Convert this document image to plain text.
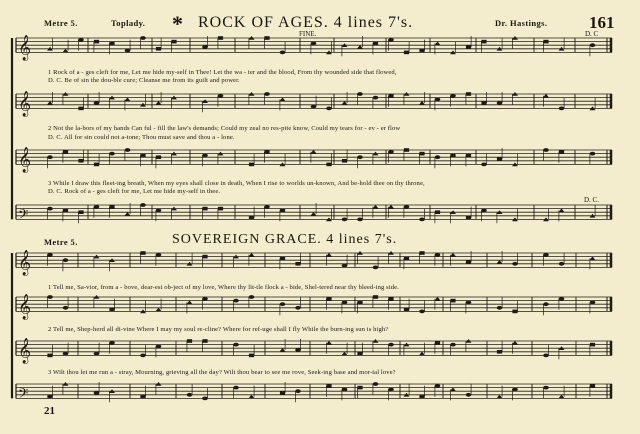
Metre 5.	Toplady. * ROCK OF AGES. 4 lines 7's.	Dr. Hastings. 161
FINE.	D. C
1 Rock of a - ges cleft for me, Let me hide my-self in Thee! Let the wa - ter and the blood, From thy wounded side that flowed,
D. C. Be of sin the dou-ble cure; Cleanse me from its guilt and power.
2 Not the la-bors of my hands Can ful - fill the law's demands; Could my zeal no res-pite know, Could my tears for - ev - er flow
D. C. All for sin could not a-tone; Thou must save and thou a - lone.
3 While I draw this fleet-ing breath, When my eyes shall close in death, When I rise to worlds un-known, And be-hold thee on thy throne,
D. C. Rock of a - ges cleft for me, Let me hide my-self in thee.
D. C.
Metre 5.	SOVEREIGN GRACE. 4 lines 7's.
1 Tell me, Sa-vior, from a - bove, dear-est ob-ject of my love, Where thy lit-tle flock a - bide, Shel-tered near thy bleed-ing side.
2 Tell me, Shep-herd all di-vine Where I may my soul re-cline? Where for ref-uge shall I fly While the burn-ing sun is high?
3 Wilt thou let me run a - stray, Mourning, grieving all the day? Wilt thou bear to see me rove, Seek-ing base and mor-tal love?
21
𝄞
𝄞
𝄞
𝄢
𝄞
𝄞
𝄞
𝄢
